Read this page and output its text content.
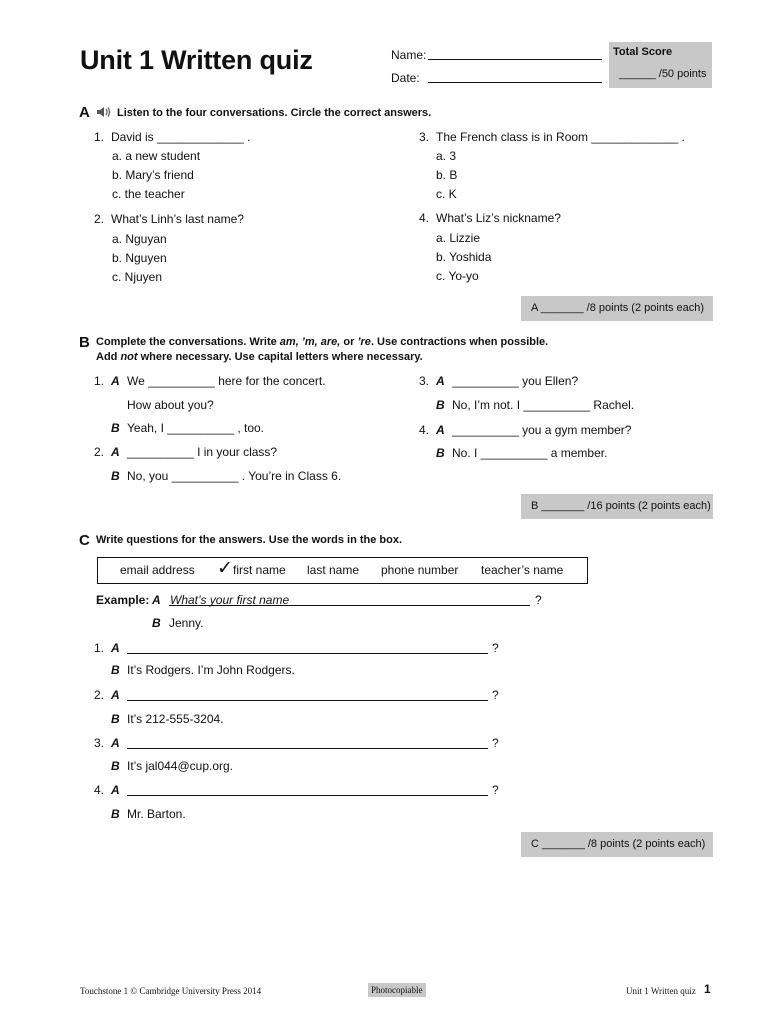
Unit 1 Written quiz	Name:
Date:
Total Score
______ /50 points
A Listen to the four conversations. Circle the correct answers.
1. David is _____________ .
a. a new student
b. Mary’s friend
c. the teacher
2. What’s Linh’s last name?
a. Nguyan
b. Nguyen
c. Njuyen
3. The French class is in Room _____________ .
a. 3
b. B
c. K
4. What’s Liz’s nickname?
a. Lizzie
b. Yoshida
c. Yo-yo
A _______ /8 points (2 points each)
B Complete the conversations. Write am, ’m, are, or ’re. Use contractions when possible.
Add not where necessary. Use capital letters where necessary.
1. A We __________ here for the concert.
How about you?
B Yeah, I __________ , too.
2. A __________ I in your class?
B No, you __________ . You’re in Class 6.
3. A __________ you Ellen?
B No, I’m not. I __________ Rachel.
4. A __________ you a gym member?
B No. I __________ a member.
B _______ /16 points (2 points each)
C Write questions for the answers. Use the words in the box.
email address ✓ first name last name phone number teacher’s name
Example: A What’s your first name	?
B Jenny.
1. A	?
B It’s Rodgers. I’m John Rodgers.
2. A	?
B It’s 212-555-3204.
3. A	?
B It’s jal044@cup.org.
4. A	?
B Mr. Barton.
C _______ /8 points (2 points each)
Touchstone 1 © Cambridge University Press 2014	Photocopiable	Unit 1 Written quiz 1
